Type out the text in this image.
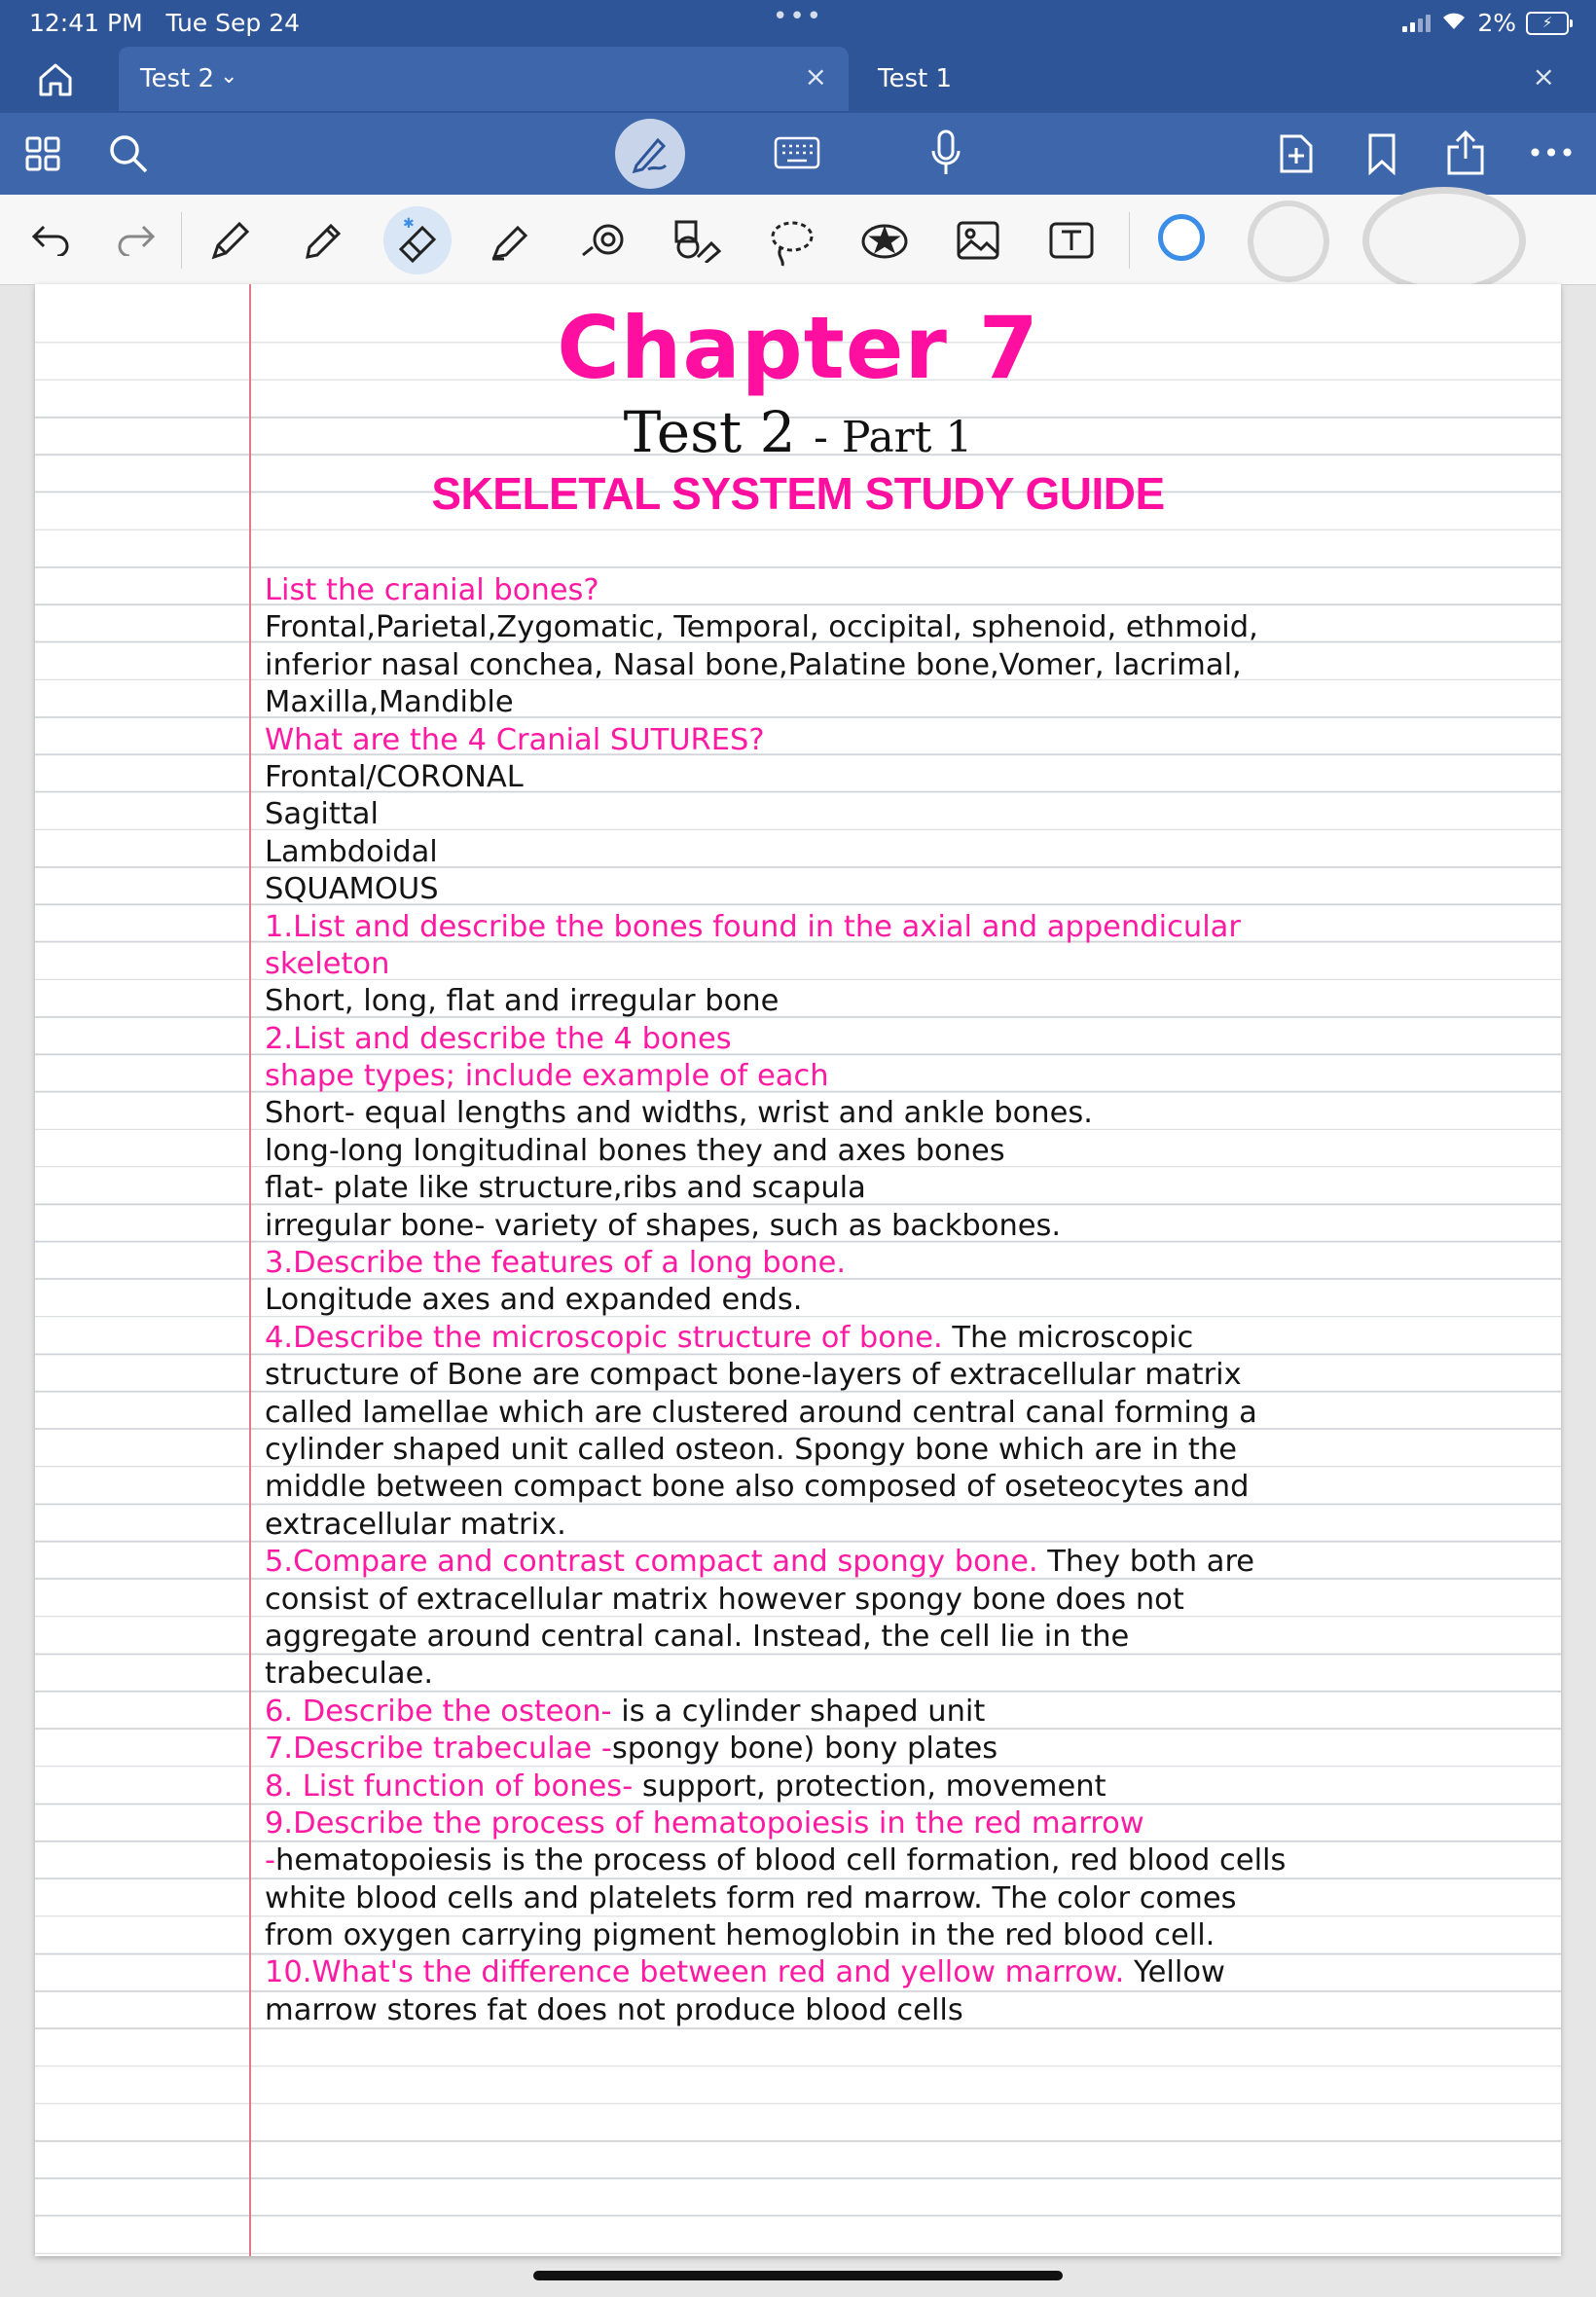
12:41 PM Tue Sep 24	•••	2%	⚡
Test 2 ⌄	× Test 1	×
•••
✱
Chapter 7
Test 2 - Part 1
SKELETAL SYSTEM STUDY GUIDE
List the cranial bones?
Frontal,Parietal,Zygomatic, Temporal, occipital, sphenoid, ethmoid,
inferior nasal conchea, Nasal bone,Palatine bone,Vomer, lacrimal,
Maxilla,Mandible
What are the 4 Cranial SUTURES?
Frontal/CORONAL
Sagittal
Lambdoidal
SQUAMOUS
1.List and describe the bones found in the axial and appendicular
skeleton
Short, long, flat and irregular bone
2.List and describe the 4 bones
shape types; include example of each
Short- equal lengths and widths, wrist and ankle bones.
long-long longitudinal bones they and axes bones
flat- plate like structure,ribs and scapula
irregular bone- variety of shapes, such as backbones.
3.Describe the features of a long bone.
Longitude axes and expanded ends.
4.Describe the microscopic structure of bone. The microscopic
structure of Bone are compact bone-layers of extracellular matrix
called lamellae which are clustered around central canal forming a
cylinder shaped unit called osteon. Spongy bone which are in the
middle between compact bone also composed of oseteocytes and
extracellular matrix.
5.Compare and contrast compact and spongy bone. They both are
consist of extracellular matrix however spongy bone does not
aggregate around central canal. Instead, the cell lie in the
trabeculae.
6. Describe the osteon- is a cylinder shaped unit
7.Describe trabeculae -spongy bone) bony plates
8. List function of bones- support, protection, movement
9.Describe the process of hematopoiesis in the red marrow
-hematopoiesis is the process of blood cell formation, red blood cells
white blood cells and platelets form red marrow. The color comes
from oxygen carrying pigment hemoglobin in the red blood cell.
10.What's the difference between red and yellow marrow. Yellow
marrow stores fat does not produce blood cells
